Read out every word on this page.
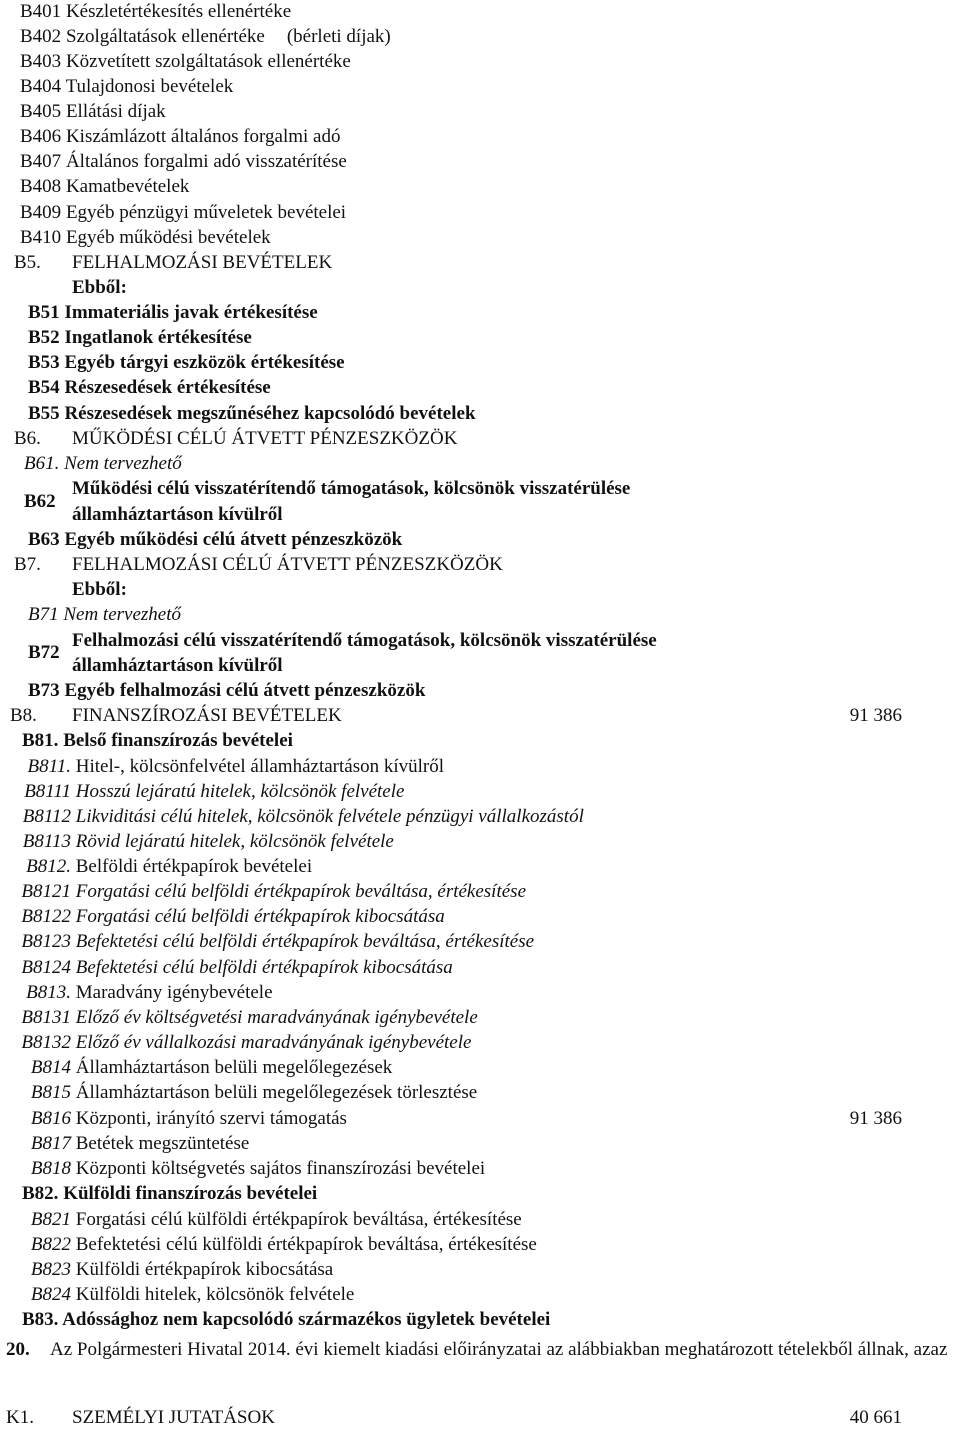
B401 Készletértékesítés ellenértéke
B402 Szolgáltatások ellenértéke (bérleti díjak)
B403 Közvetített szolgáltatások ellenértéke
B404 Tulajdonosi bevételek
B405 Ellátási díjak
B406 Kiszámlázott általános forgalmi adó
B407 Általános forgalmi adó visszatérítése
B408 Kamatbevételek
B409 Egyéb pénzügyi műveletek bevételei
B410 Egyéb működési bevételek
B5. FELHALMOZÁSI BEVÉTELEK
Ebből:
B51 Immateriális javak értékesítése
B52 Ingatlanok értékesítése
B53 Egyéb tárgyi eszközök értékesítése
B54 Részesedések értékesítése
B55 Részesedések megszűnéséhez kapcsolódó bevételek
B6. MŰKÖDÉSI CÉLÚ ÁTVETT PÉNZESZKÖZÖK
B61. Nem tervezhető
B62
Működési célú visszatérítendő támogatások, kölcsönök visszatérülése
államháztartáson kívülről
B63 Egyéb működési célú átvett pénzeszközök
B7. FELHALMOZÁSI CÉLÚ ÁTVETT PÉNZESZKÖZÖK
Ebből:
B71 Nem tervezhető
B72
Felhalmozási célú visszatérítendő támogatások, kölcsönök visszatérülése
államháztartáson kívülről
B73 Egyéb felhalmozási célú átvett pénzeszközök
B8. FINANSZÍROZÁSI BEVÉTELEK	91 386
B81. Belső finanszírozás bevételei
B811. Hitel-, kölcsönfelvétel államháztartáson kívülről
B8111 Hosszú lejáratú hitelek, kölcsönök felvétele
B8112 Likviditási célú hitelek, kölcsönök felvétele pénzügyi vállalkozástól
B8113 Rövid lejáratú hitelek, kölcsönök felvétele
B812. Belföldi értékpapírok bevételei
B8121 Forgatási célú belföldi értékpapírok beváltása, értékesítése
B8122 Forgatási célú belföldi értékpapírok kibocsátása
B8123 Befektetési célú belföldi értékpapírok beváltása, értékesítése
B8124 Befektetési célú belföldi értékpapírok kibocsátása
B813. Maradvány igénybevétele
B8131 Előző év költségvetési maradványának igénybevétele
B8132 Előző év vállalkozási maradványának igénybevétele
B814 Államháztartáson belüli megelőlegezések
B815 Államháztartáson belüli megelőlegezések törlesztése
B816 Központi, irányító szervi támogatás	91 386
B817 Betétek megszüntetése
B818 Központi költségvetés sajátos finanszírozási bevételei
B82. Külföldi finanszírozás bevételei
B821 Forgatási célú külföldi értékpapírok beváltása, értékesítése
B822 Befektetési célú külföldi értékpapírok beváltása, értékesítése
B823 Külföldi értékpapírok kibocsátása
B824 Külföldi hitelek, kölcsönök felvétele
B83. Adóssághoz nem kapcsolódó származékos ügyletek bevételei
20. Az Polgármesteri Hivatal 2014. évi kiemelt kiadási előirányzatai az alábbiakban meghatározott tételekből állnak, azaz
K1. SZEMÉLYI JUTATÁSOK	40 661
